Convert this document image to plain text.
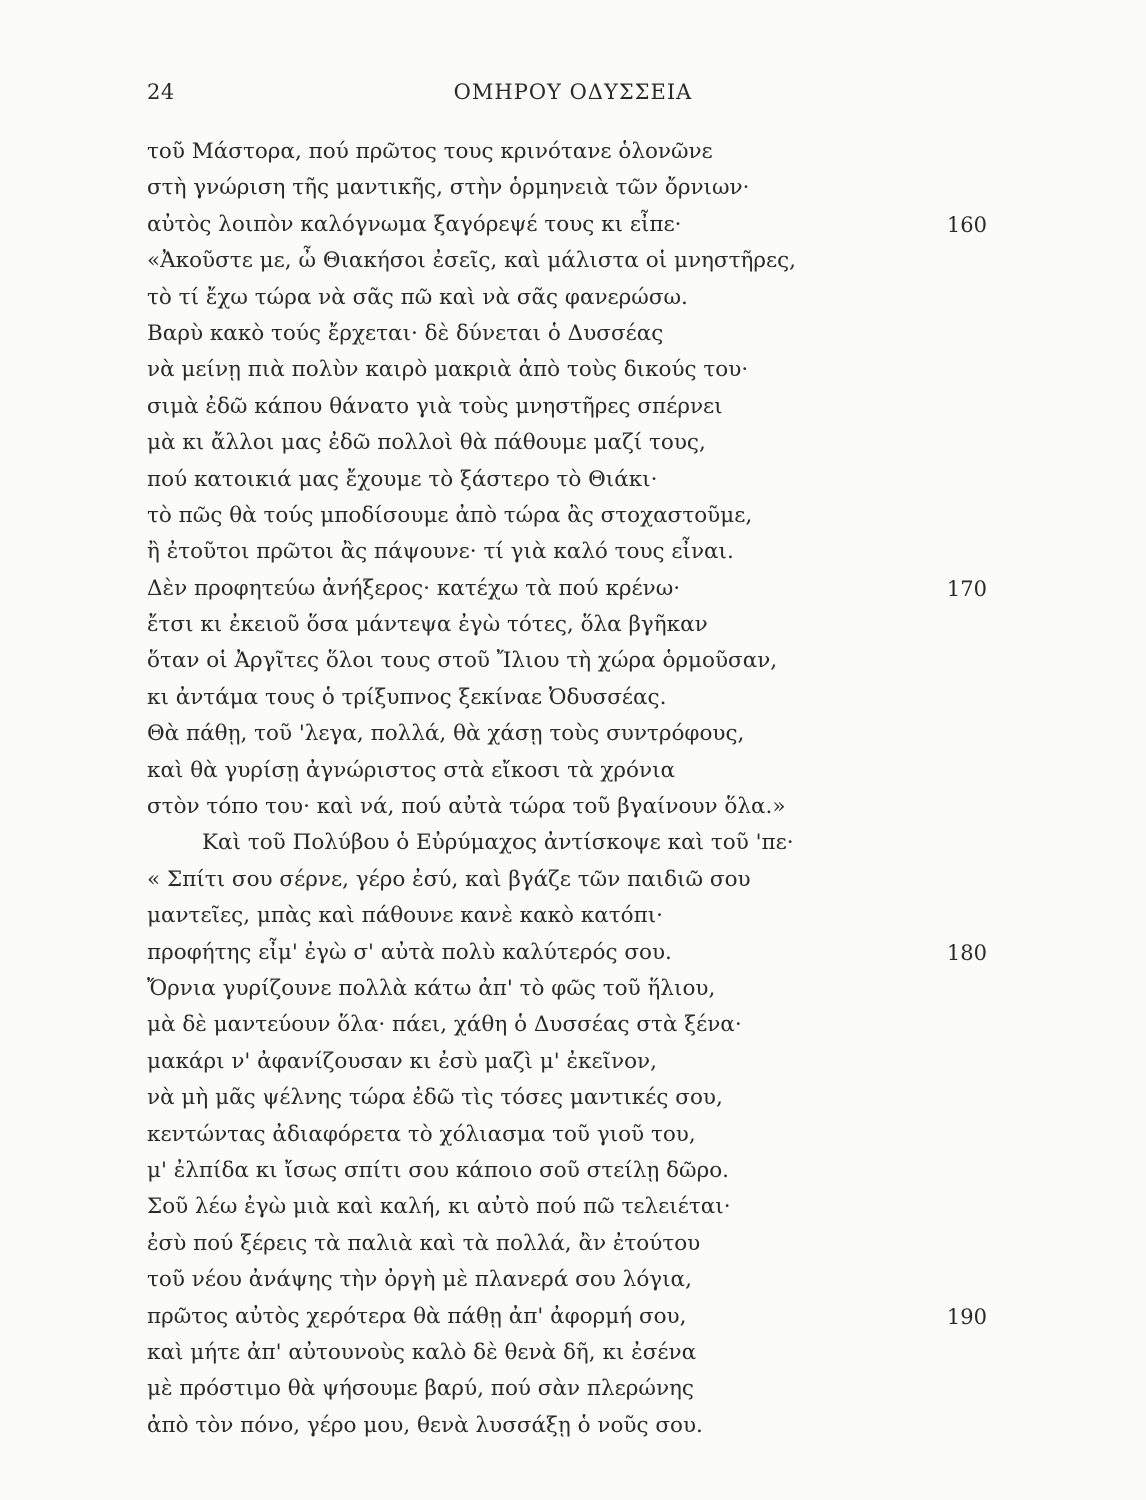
24	ΟΜΗΡΟΥ ΟΔΥΣΣΕΙΑ
τοῦ Μάστορα, πού πρῶτος τους κρινότανε ὁλονῶνε
στὴ γνώριση τῆς μαντικῆς, στὴν ὁρμηνειὰ τῶν ὄρνιων·
αὐτὸς λοιπὸν καλόγνωμα ξαγόρεψέ τους κι εἶπε·	160
«Ἀκοῦστε με, ὦ Θιακήσοι ἐσεῖς, καὶ μάλιστα οἱ μνηστῆρες,
τὸ τί ἔχω τώρα νὰ σᾶς πῶ καὶ νὰ σᾶς φανερώσω.
Βαρὺ κακὸ τούς ἔρχεται· δὲ δύνεται ὁ Δυσσέας
νὰ μείνῃ πιὰ πολὺν καιρὸ μακριὰ ἀπὸ τοὺς δικούς του·
σιμὰ ἐδῶ κάπου θάνατο γιὰ τοὺς μνηστῆρες σπέρνει
μὰ κι ἄλλοι μας ἐδῶ πολλοὶ θὰ πάθουμε μαζί τους,
πού κατοικιά μας ἔχουμε τὸ ξάστερο τὸ Θιάκι·
τὸ πῶς θὰ τούς μποδίσουμε ἀπὸ τώρα ἂς στοχαστοῦμε,
ἢ ἐτοῦτοι πρῶτοι ἂς πάψουνε· τί γιὰ καλό τους εἶναι.
Δὲν προφητεύω ἀνήξερος· κατέχω τὰ πού κρένω·	170
ἔτσι κι ἐκειοῦ ὅσα μάντεψα ἐγὼ τότες, ὅλα βγῆκαν
ὅταν οἱ Ἀργῖτες ὅλοι τους στοῦ Ἴλιου τὴ χώρα ὁρμοῦσαν,
κι ἀντάμα τους ὁ τρίξυπνος ξεκίναε Ὀδυσσέας.
Θὰ πάθῃ, τοῦ 'λεγα, πολλά, θὰ χάσῃ τοὺς συντρόφους,
καὶ θὰ γυρίσῃ ἀγνώριστος στὰ εἴκοσι τὰ χρόνια
στὸν τόπο του· καὶ νά, πού αὐτὰ τώρα τοῦ βγαίνουν ὅλα.»
Καὶ τοῦ Πολύβου ὁ Εὐρύμαχος ἀντίσκοψε καὶ τοῦ 'πε·
« Σπίτι σου σέρνε, γέρο ἐσύ, καὶ βγάζε τῶν παιδιῶ σου
μαντεῖες, μπὰς καὶ πάθουνε κανὲ κακὸ κατόπι·
προφήτης εἶμ' ἐγὼ σ' αὐτὰ πολὺ καλύτερός σου.	180
Ὄρνια γυρίζουνε πολλὰ κάτω ἀπ' τὸ φῶς τοῦ ἥλιου,
μὰ δὲ μαντεύουν ὅλα· πάει, χάθη ὁ Δυσσέας στὰ ξένα·
μακάρι ν' ἀφανίζουσαν κι ἐσὺ μαζὶ μ' ἐκεῖνον,
νὰ μὴ μᾶς ψέλνης τώρα ἐδῶ τὶς τόσες μαντικές σου,
κεντώντας ἀδιαφόρετα τὸ χόλιασμα τοῦ γιοῦ του,
μ' ἐλπίδα κι ἴσως σπίτι σου κάποιο σοῦ στείλῃ δῶρο.
Σοῦ λέω ἐγὼ μιὰ καὶ καλή, κι αὐτὸ πού πῶ τελειέται·
ἐσὺ πού ξέρεις τὰ παλιὰ καὶ τὰ πολλά, ἂν ἐτούτου
τοῦ νέου ἀνάψης τὴν ὀργὴ μὲ πλανερά σου λόγια,
πρῶτος αὐτὸς χερότερα θὰ πάθῃ ἀπ' ἀφορμή σου,	190
καὶ μήτε ἀπ' αὐτουνοὺς καλὸ δὲ θενὰ δῆ, κι ἐσένα
μὲ πρόστιμο θὰ ψήσουμε βαρύ, πού σὰν πλερώνης
ἀπὸ τὸν πόνο, γέρο μου, θενὰ λυσσάξῃ ὁ νοῦς σου.
